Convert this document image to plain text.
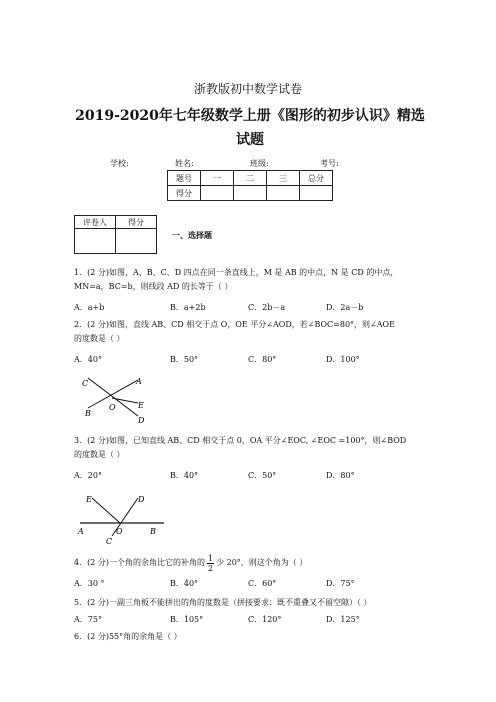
浙教版初中数学试卷
2019-2020年七年级数学上册《图形的初步认识》精选试题
学校:	姓名:	班级:	考号:
题号	一	二	三	总分
得分				
评卷人	得分

一、选择题
1．(2 分)如图，A、B、C、D 四点在同一条直线上，M 是 AB 的中点，N 是 CD 的中点，
MN=a，BC=b，则线段 AD 的长等于（ ）
A．a+b	B．a+2b	C．2b－a	D．2a－b
2．(2 分)如图，直线 AB、CD 相交于点 O，OE 平分∠AOD，若∠BOC=80°，则∠AOE
的度数是（ ）
A．40°	B．50°	C．80°	D．100°
C	A
O	E
B
D
3．(2 分)如图，已知直线 AB、CD 相交于点 0，OA 平分∠EOC, ∠EOC =100°，则∠BOD
的度数是（ ）
A．20°	B．40°	C．50°	D．80°
E	D
A	O	B
C
4．(2 分)一个角的余角比它的补角的 $\frac{1}{2}$ 少 20°，则这个角为（ ）
A．30 °	B．40°	C．60°	D．75°
5．(2 分)一副三角板不能拼出的角的度数是（拼接要求：既不重叠又不留空隙）（ ）
A．75°	B．105°	C．120°	D．125°
6．(2 分)55°角的余角是（ ）
